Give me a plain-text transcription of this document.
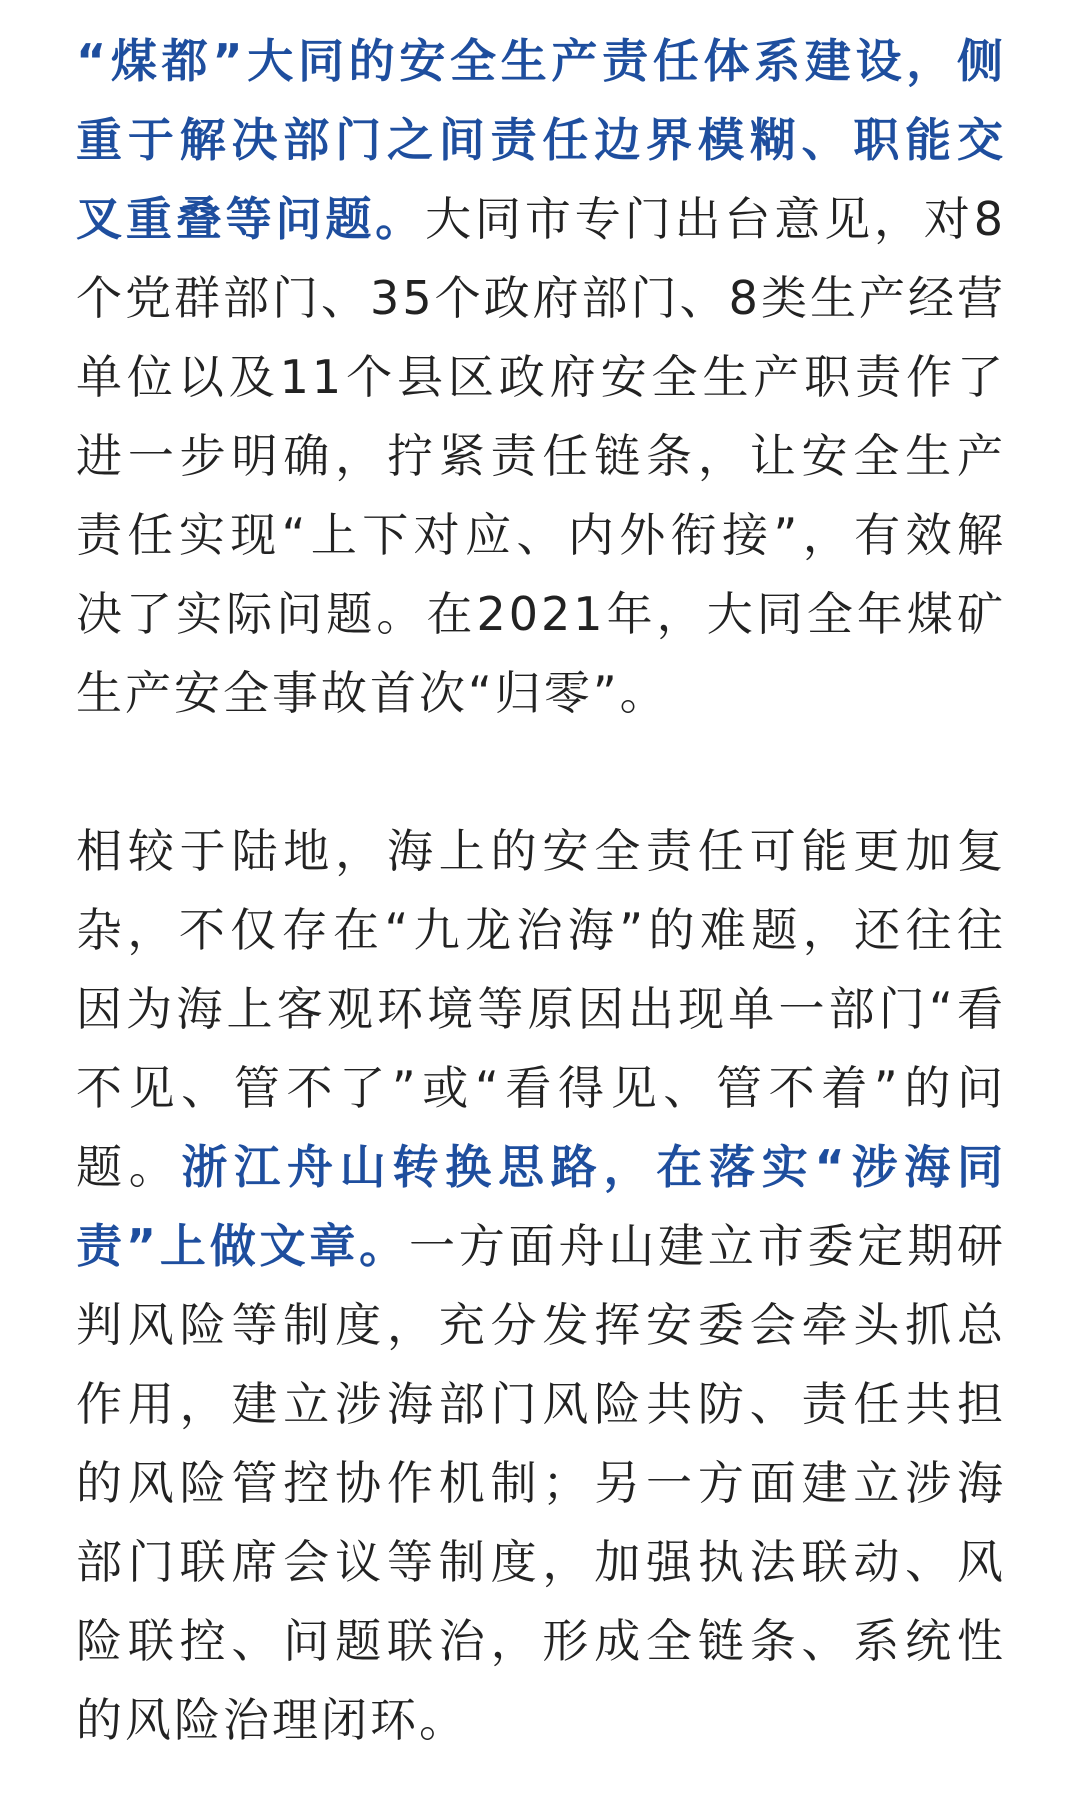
“煤都”大同的安全生产责任体系建设，侧重于解决部门之间责任边界模糊、职能交叉重叠等问题。大同市专门出台意见，对8个党群部门、35个政府部门、8类生产经营单位以及11个县区政府安全生产职责作了进一步明确，拧紧责任链条，让安全生产责任实现“上下对应、内外衔接”，有效解决了实际问题。在2021年，大同全年煤矿生产安全事故首次“归零”。

相较于陆地，海上的安全责任可能更加复杂，不仅存在“九龙治海”的难题，还往往因为海上客观环境等原因出现单一部门“看不见、管不了”或“看得见、管不着”的问题。浙江舟山转换思路，在落实“涉海同责”上做文章。一方面舟山建立市委定期研判风险等制度，充分发挥安委会牵头抓总作用，建立涉海部门风险共防、责任共担的风险管控协作机制；另一方面建立涉海部门联席会议等制度，加强执法联动、风险联控、问题联治，形成全链条、系统性的风险治理闭环。
